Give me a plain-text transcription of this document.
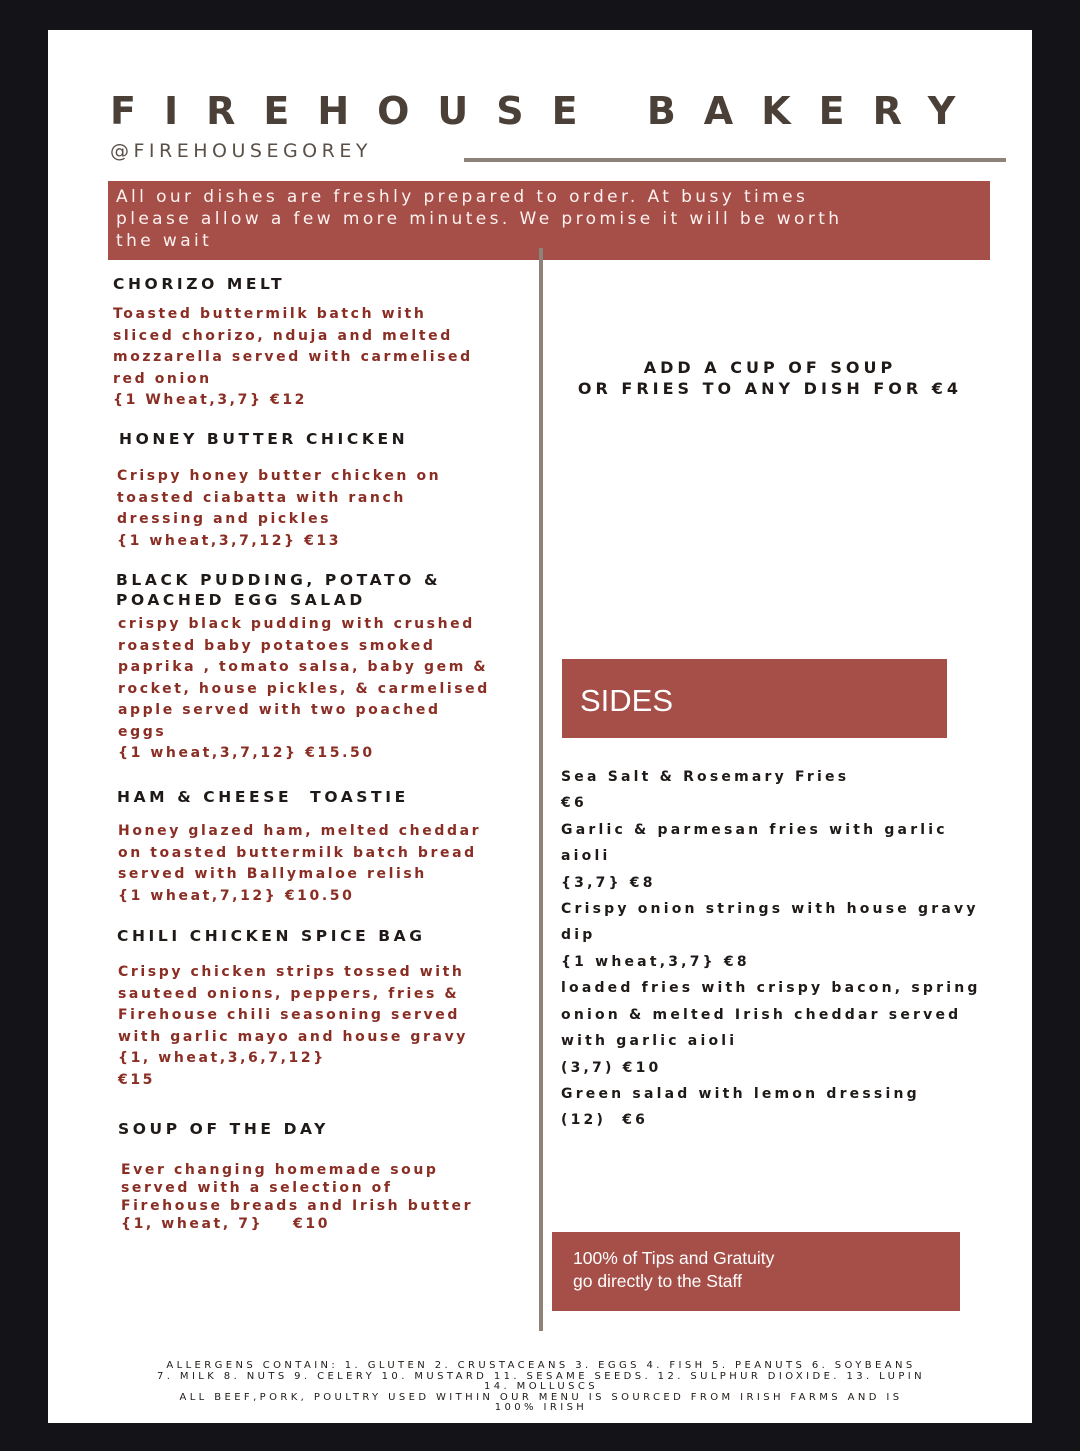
FIREHOUSE BAKERY
@FIREHOUSEGOREY
All our dishes are freshly prepared to order. At busy times
please allow a few more minutes. We promise it will be worth
the wait
CHORIZO MELT
Toasted buttermilk batch with
sliced chorizo, nduja and melted
mozzarella served with carmelised
red onion
{1 Wheat,3,7} €12
HONEY BUTTER CHICKEN
Crispy honey butter chicken on
toasted ciabatta with ranch
dressing and pickles
{1 wheat,3,7,12} €13
BLACK PUDDING, POTATO &
POACHED EGG SALAD
crispy black pudding with crushed
roasted baby potatoes smoked
paprika , tomato salsa, baby gem &
rocket, house pickles, & carmelised
apple served with two poached
eggs
{1 wheat,3,7,12} €15.50
HAM & CHEESE  TOASTIE
Honey glazed ham, melted cheddar
on toasted buttermilk batch bread
served with Ballymaloe relish
{1 wheat,7,12} €10.50
CHILI CHICKEN SPICE BAG
Crispy chicken strips tossed with
sauteed onions, peppers, fries &
Firehouse chili seasoning served
with garlic mayo and house gravy
{1, wheat,3,6,7,12}
€15
SOUP OF THE DAY
Ever changing homemade soup
served with a selection of
Firehouse breads and Irish butter
{1, wheat, 7}    €10
ADD A CUP OF SOUP
OR FRIES TO ANY DISH FOR €4
SIDES
Sea Salt & Rosemary Fries
€6
Garlic & parmesan fries with garlic
aioli
{3,7} €8
Crispy onion strings with house gravy
dip
{1 wheat,3,7} €8
loaded fries with crispy bacon, spring
onion & melted Irish cheddar served
with garlic aioli
(3,7) €10
Green salad with lemon dressing
(12)  €6
100% of Tips and Gratuity
go directly to the Staff
ALLERGENS CONTAIN: 1. GLUTEN 2. CRUSTACEANS 3. EGGS 4. FISH 5. PEANUTS 6. SOYBEANS
7. MILK 8. NUTS 9. CELERY 10. MUSTARD 11. SESAME SEEDS. 12. SULPHUR DIOXIDE. 13. LUPIN
14. MOLLUSCS
ALL BEEF,PORK, POULTRY USED WITHIN OUR MENU IS SOURCED FROM IRISH FARMS AND IS
100% IRISH
